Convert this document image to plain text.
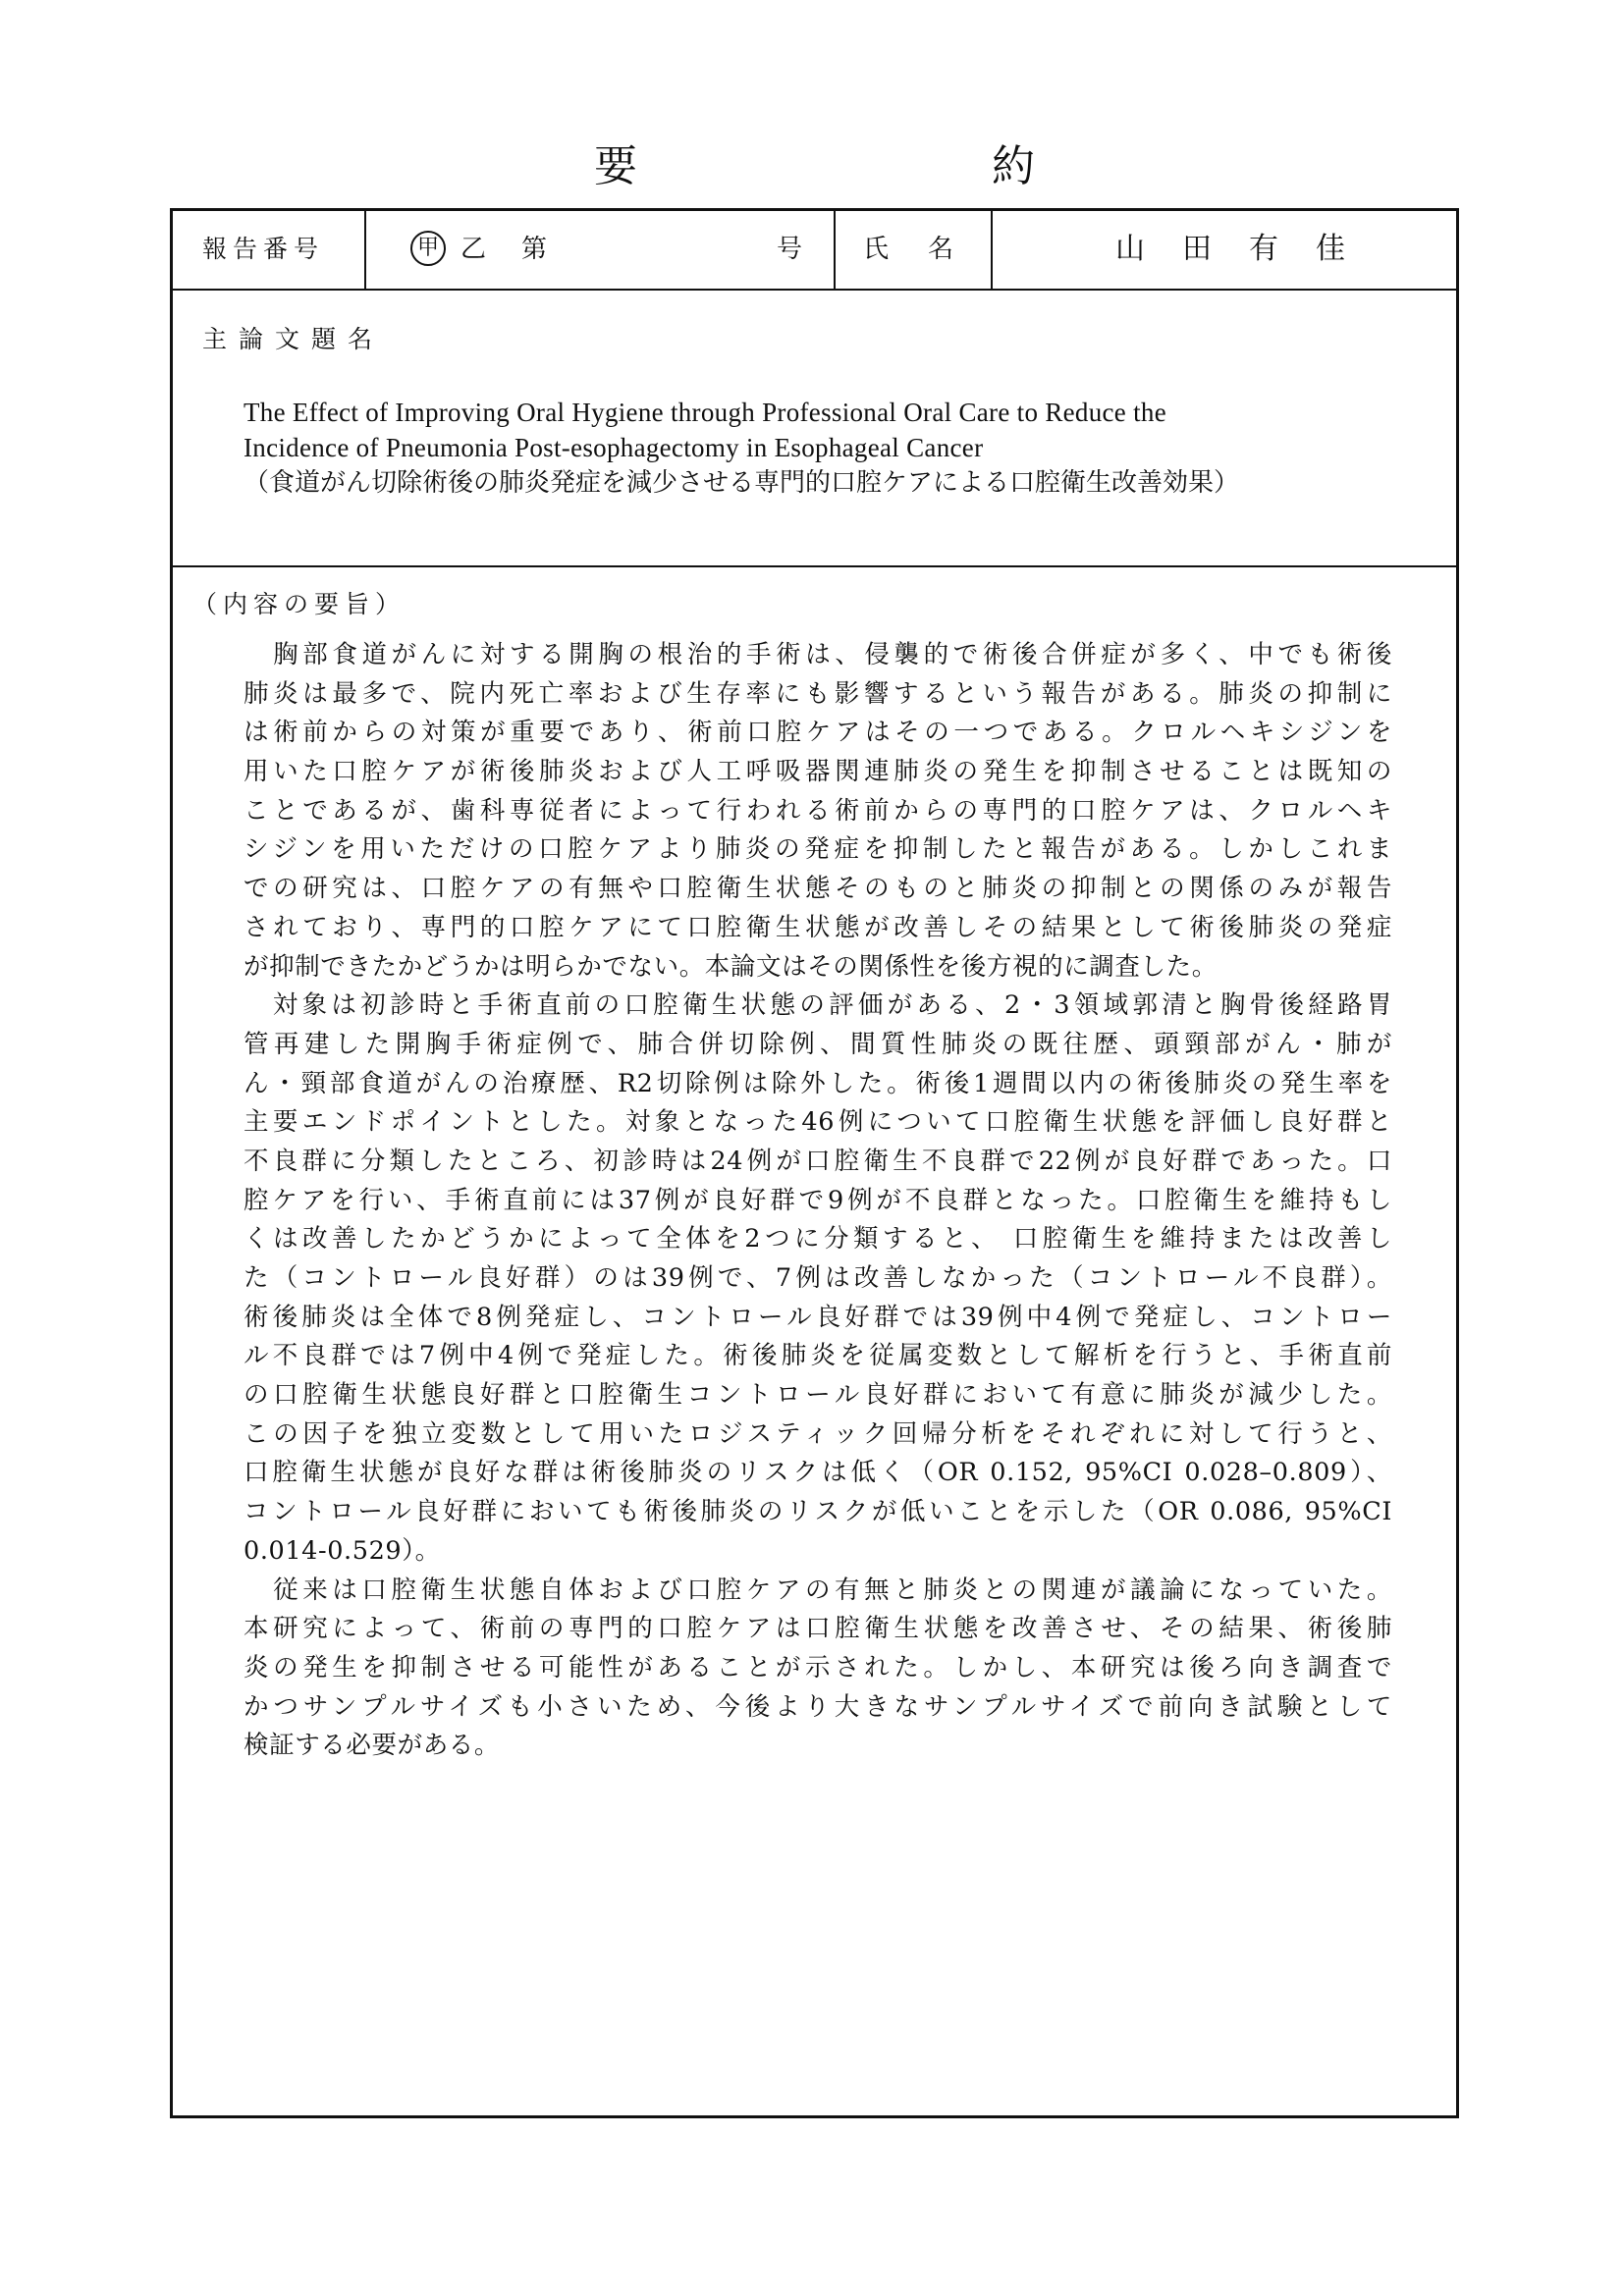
要	約
報告番号	甲 乙 第	号 氏名	山田有佳
主論文題名
The Effect of Improving Oral Hygiene through Professional Oral Care to Reduce the
Incidence of Pneumonia Post-esophagectomy in Esophageal Cancer
（食道がん切除術後の肺炎発症を減少させる専門的口腔ケアによる口腔衛生改善効果）
（内容の要旨）
　胸部食道がんに対する開胸の根治的手術は、侵襲的で術後合併症が多く、中でも術後
肺炎は最多で、院内死亡率および生存率にも影響するという報告がある。肺炎の抑制に
は術前からの対策が重要であり、術前口腔ケアはその一つである。クロルヘキシジンを
用いた口腔ケアが術後肺炎および人工呼吸器関連肺炎の発生を抑制させることは既知の
ことであるが、歯科専従者によって行われる術前からの専門的口腔ケアは、クロルヘキ
シジンを用いただけの口腔ケアより肺炎の発症を抑制したと報告がある。しかしこれま
での研究は、口腔ケアの有無や口腔衛生状態そのものと肺炎の抑制との関係のみが報告
されており、専門的口腔ケアにて口腔衛生状態が改善しその結果として術後肺炎の発症
が抑制できたかどうかは明らかでない。本論文はその関係性を後方視的に調査した。
　対象は初診時と手術直前の口腔衛生状態の評価がある、2・3領域郭清と胸骨後経路胃
管再建した開胸手術症例で、肺合併切除例、間質性肺炎の既往歴、頭頸部がん・肺が
ん・頸部食道がんの治療歴、R2切除例は除外した。術後1週間以内の術後肺炎の発生率を
主要エンドポイントとした。対象となった46例について口腔衛生状態を評価し良好群と
不良群に分類したところ、初診時は24例が口腔衛生不良群で22例が良好群であった。口
腔ケアを行い、手術直前には37例が良好群で9例が不良群となった。口腔衛生を維持もし
くは改善したかどうかによって全体を2つに分類すると、 口腔衛生を維持または改善し
た（コントロール良好群）のは39例で、7例は改善しなかった（コントロール不良群）。
術後肺炎は全体で8例発症し、コントロール良好群では39例中4例で発症し、コントロー
ル不良群では7例中4例で発症した。術後肺炎を従属変数として解析を行うと、手術直前
の口腔衛生状態良好群と口腔衛生コントロール良好群において有意に肺炎が減少した。
この因子を独立変数として用いたロジスティック回帰分析をそれぞれに対して行うと、
口腔衛生状態が良好な群は術後肺炎のリスクは低く（OR 0.152, 95%CI 0.028–0.809）、
コントロール良好群においても術後肺炎のリスクが低いことを示した（OR 0.086, 95%CI
0.014-0.529）。
　従来は口腔衛生状態自体および口腔ケアの有無と肺炎との関連が議論になっていた。
本研究によって、術前の専門的口腔ケアは口腔衛生状態を改善させ、その結果、術後肺
炎の発生を抑制させる可能性があることが示された。しかし、本研究は後ろ向き調査で
かつサンプルサイズも小さいため、今後より大きなサンプルサイズで前向き試験として
検証する必要がある。
